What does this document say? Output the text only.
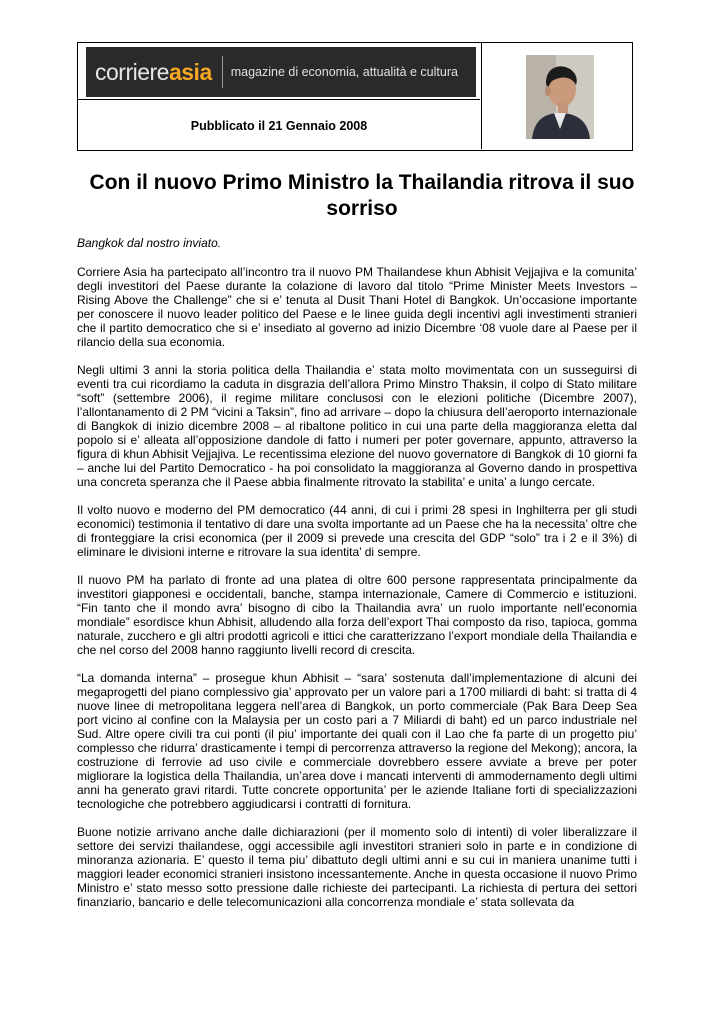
corriere asia magazine di economia, attualità e cultura
Pubblicato il 21 Gennaio 2008
Con il nuovo Primo Ministro la Thailandia ritrova il suo sorriso
Bangkok dal nostro inviato.

Corriere Asia ha partecipato all’incontro tra il nuovo PM Thailandese khun Abhisit Vejjajiva e la comunita’ degli investitori del Paese durante la colazione di lavoro dal titolo “Prime Minister Meets Investors – Rising Above the Challenge” che si e’ tenuta al Dusit Thani Hotel di Bangkok. Un’occasione importante per conoscere il nuovo leader politico del Paese e le linee guida degli incentivi agli investimenti stranieri che il partito democratico che si e’ insediato al governo ad inizio Dicembre ‘08 vuole dare al Paese per il rilancio della sua economia.

Negli ultimi 3 anni la storia politica della Thailandia e’ stata molto movimentata con un susseguirsi di eventi tra cui ricordiamo la caduta in disgrazia dell’allora Primo Minstro Thaksin, il colpo di Stato militare “soft” (settembre 2006), il regime militare conclusosi con le elezioni politiche (Dicembre 2007), l’allontanamento di 2 PM “vicini a Taksin”, fino ad arrivare – dopo la chiusura dell’aeroporto internazionale di Bangkok di inizio dicembre 2008 – al ribaltone politico in cui una parte della maggioranza eletta dal popolo si e’ alleata all’opposizione dandole di fatto i numeri per poter governare, appunto, attraverso la figura di khun Abhisit Vejjajiva. Le recentissima elezione del nuovo governatore di Bangkok di 10 giorni fa – anche lui del Partito Democratico - ha poi consolidato la maggioranza al Governo dando in prospettiva una concreta speranza che il Paese abbia finalmente ritrovato la stabilita’ e unita’ a lungo cercate.

Il volto nuovo e moderno del PM democratico (44 anni, di cui i primi 28 spesi in Inghilterra per gli studi economici) testimonia il tentativo di dare una svolta importante ad un Paese che ha la necessita’ oltre che di fronteggiare la crisi economica (per il 2009 si prevede una crescita del GDP “solo” tra i 2 e il 3%) di eliminare le divisioni interne e ritrovare la sua identita’ di sempre.

Il nuovo PM ha parlato di fronte ad una platea di oltre 600 persone rappresentata principalmente da investitori giapponesi e occidentali, banche, stampa internazionale, Camere di Commercio e istituzioni. “Fin tanto che il mondo avra’ bisogno di cibo la Thailandia avra’ un ruolo importante nell’economia mondiale” esordisce khun Abhisit, alludendo alla forza dell’export Thai composto da riso, tapioca, gomma naturale, zucchero e gli altri prodotti agricoli e ittici che caratterizzano l’export mondiale della Thailandia e che nel corso del 2008 hanno raggiunto livelli record di crescita.

“La domanda interna” – prosegue khun Abhisit – “sara’ sostenuta dall’implementazione di alcuni dei megaprogetti del piano complessivo gia’ approvato per un valore pari a 1700 miliardi di baht: si tratta di 4 nuove linee di metropolitana leggera nell’area di Bangkok, un porto commerciale (Pak Bara Deep Sea port vicino al confine con la Malaysia per un costo pari a 7 Miliardi di baht) ed un parco industriale nel Sud. Altre opere civili tra cui ponti (il piu’ importante dei quali con il Lao che fa parte di un progetto piu’ complesso che ridurra’ drasticamente i tempi di percorrenza attraverso la regione del Mekong); ancora, la costruzione di ferrovie ad uso civile e commerciale dovrebbero essere avviate a breve per poter migliorare la logistica della Thailandia, un’area dove i mancati interventi di ammodernamento degli ultimi anni ha generato gravi ritardi. Tutte concrete opportunita’ per le aziende Italiane forti di specializzazioni tecnologiche che potrebbero aggiudicarsi i contratti di fornitura.

Buone notizie arrivano anche dalle dichiarazioni (per il momento solo di intenti) di voler liberalizzare il settore dei servizi thailandese, oggi accessibile agli investitori stranieri solo in parte e in condizione di minoranza azionaria. E’ questo il tema piu’ dibattuto degli ultimi anni e su cui in maniera unanime tutti i maggiori leader economici stranieri insistono incessantemente. Anche in questa occasione il nuovo Primo Ministro e’ stato messo sotto pressione dalle richieste dei partecipanti. La richiesta di pertura dei settori finanziario, bancario e delle telecomunicazioni alla concorrenza mondiale e’ stata sollevata da
